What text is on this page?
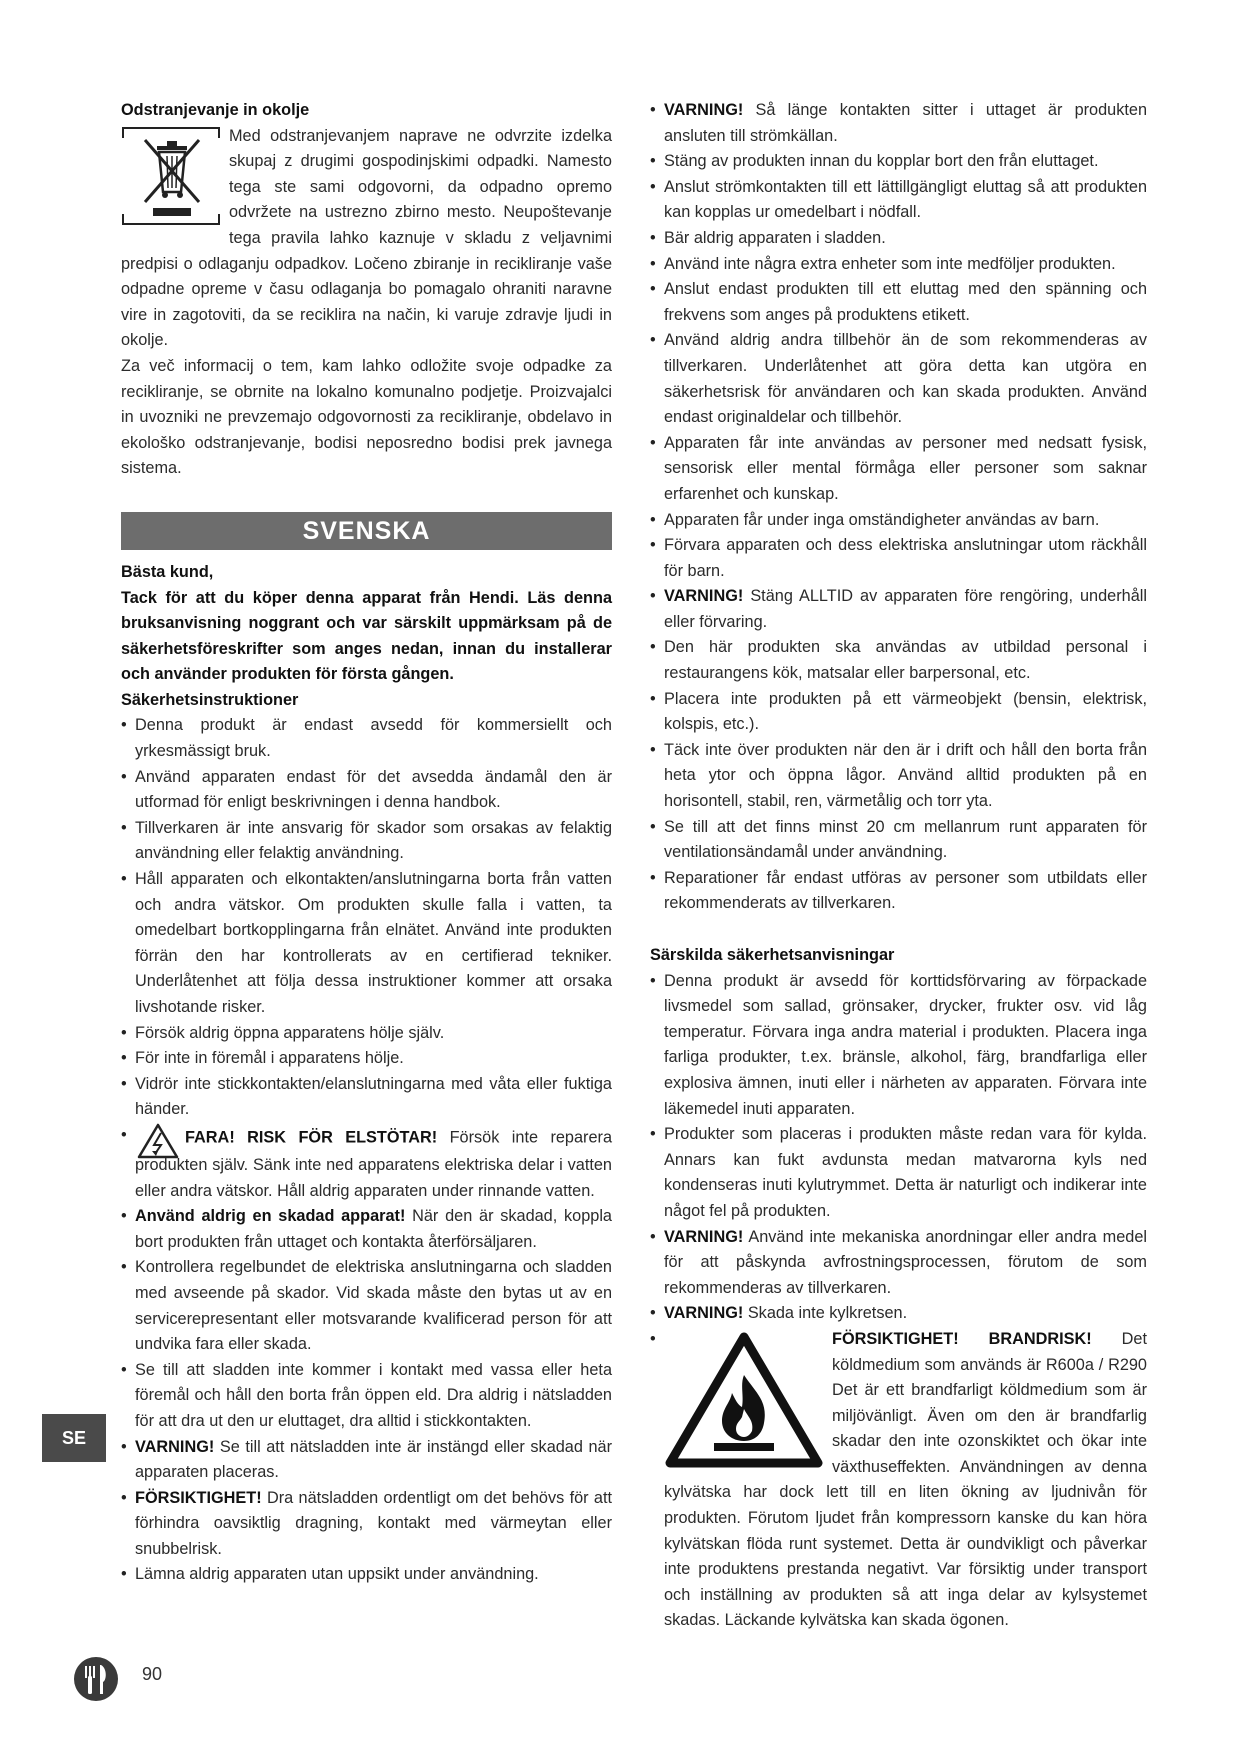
Odstranjevanje in okolje

Med odstranjevanjem naprave ne odvrzite izdelka skupaj z drugimi gospodinjskimi odpadki. Namesto tega ste sami odgovorni, da odpadno opremo odvržete na ustrezno zbirno mesto. Neupoštevanje tega pravila lahko kaznuje v skladu z veljavnimi predpisi o odlaganju odpadkov. Ločeno zbiranje in recikliranje vaše odpadne opreme v času odlaganja bo pomagalo ohraniti naravne vire in zagotoviti, da se reciklira na način, ki varuje zdravje ljudi in okolje.

Za več informacij o tem, kam lahko odložite svoje odpadke za recikliranje, se obrnite na lokalno komunalno podjetje. Proizvajalci in uvozniki ne prevzemajo odgovornosti za recikliranje, obdelavo in ekološko odstranjevanje, bodisi neposredno bodisi prek javnega sistema.

SVENSKA
Bästa kund,
Tack för att du köper denna apparat från Hendi. Läs denna bruksanvisning noggrant och var särskilt uppmärksam på de säkerhetsföreskrifter som anges nedan, innan du installerar och använder produkten för första gången.
Säkerhetsinstruktioner
• Denna produkt är endast avsedd för kommersiellt och yrkesmässigt bruk.
• Använd apparaten endast för det avsedda ändamål den är utformad för enligt beskrivningen i denna handbok.
• Tillverkaren är inte ansvarig för skador som orsakas av felaktig användning eller felaktig användning.
• Håll apparaten och elkontakten/anslutningarna borta från vatten och andra vätskor. Om produkten skulle falla i vatten, ta omedelbart bortkopplingarna från elnätet. Använd inte produkten förrän den har kontrollerats av en certifierad tekniker. Underlåtenhet att följa dessa instruktioner kommer att orsaka livshotande risker.
• Försök aldrig öppna apparatens hölje själv.
• För inte in föremål i apparatens hölje.
• Vidrör inte stickkontakten/elanslutningarna med våta eller fuktiga händer.
• FARA! RISK FÖR ELSTÖTAR! Försök inte reparera produkten själv. Sänk inte ned apparatens elektriska delar i vatten eller andra vätskor. Håll aldrig apparaten under rinnande vatten.
• Använd aldrig en skadad apparat! När den är skadad, koppla bort produkten från uttaget och kontakta återförsäljaren.
• Kontrollera regelbundet de elektriska anslutningarna och sladden med avseende på skador. Vid skada måste den bytas ut av en servicerepresentant eller motsvarande kvalificerad person för att undvika fara eller skada.
• Se till att sladden inte kommer i kontakt med vassa eller heta föremål och håll den borta från öppen eld. Dra aldrig i nätsladden för att dra ut den ur eluttaget, dra alltid i stickkontakten.
• VARNING! Se till att nätsladden inte är instängd eller skadad när apparaten placeras.
• FÖRSIKTIGHET! Dra nätsladden ordentligt om det behövs för att förhindra oavsiktlig dragning, kontakt med värmeytan eller snubbelrisk.
• Lämna aldrig apparaten utan uppsikt under användning.
• VARNING! Så länge kontakten sitter i uttaget är produkten ansluten till strömkällan.
• Stäng av produkten innan du kopplar bort den från eluttaget.
• Anslut strömkontakten till ett lättillgängligt eluttag så att produkten kan kopplas ur omedelbart i nödfall.
• Bär aldrig apparaten i sladden.
• Använd inte några extra enheter som inte medföljer produkten.
• Anslut endast produkten till ett eluttag med den spänning och frekvens som anges på produktens etikett.
• Använd aldrig andra tillbehör än de som rekommenderas av tillverkaren. Underlåtenhet att göra detta kan utgöra en säkerhetsrisk för användaren och kan skada produkten. Använd endast originaldelar och tillbehör.
• Apparaten får inte användas av personer med nedsatt fysisk, sensorisk eller mental förmåga eller personer som saknar erfarenhet och kunskap.
• Apparaten får under inga omständigheter användas av barn.
• Förvara apparaten och dess elektriska anslutningar utom räckhåll för barn.
• VARNING! Stäng ALLTID av apparaten före rengöring, underhåll eller förvaring.
• Den här produkten ska användas av utbildad personal i restaurangens kök, matsalar eller barpersonal, etc.
• Placera inte produkten på ett värmeobjekt (bensin, elektrisk, kolspis, etc.).
• Täck inte över produkten när den är i drift och håll den borta från heta ytor och öppna lågor. Använd alltid produkten på en horisontell, stabil, ren, värmetålig och torr yta.
• Se till att det finns minst 20 cm mellanrum runt apparaten för ventilationsändamål under användning.
• Reparationer får endast utföras av personer som utbildats eller rekommenderats av tillverkaren.
Särskilda säkerhetsanvisningar
• Denna produkt är avsedd för korttidsförvaring av förpackade livsmedel som sallad, grönsaker, drycker, frukter osv. vid låg temperatur. Förvara inga andra material i produkten. Placera inga farliga produkter, t.ex. bränsle, alkohol, färg, brandfarliga eller explosiva ämnen, inuti eller i närheten av apparaten. Förvara inte läkemedel inuti apparaten.
• Produkter som placeras i produkten måste redan vara för kylda. Annars kan fukt avdunsta medan matvarorna kyls ned kondenseras inuti kylutrymmet. Detta är naturligt och indikerar inte något fel på produkten.
• VARNING! Använd inte mekaniska anordningar eller andra medel för att påskynda avfrostningsprocessen, förutom de som rekommenderas av tillverkaren.
• VARNING! Skada inte kylkretsen.
• FÖRSIKTIGHET! BRANDRISK! Det köldmedium som används är R600a / R290 Det är ett brandfarligt köldmedium som är miljövänligt. Även om den är brandfarlig skadar den inte ozonskiktet och ökar inte växthuseffekten. Användningen av denna kylvätska har dock lett till en liten ökning av ljudnivån för produkten. Förutom ljudet från kompressorn kanske du kan höra kylvätskan flöda runt systemet. Detta är oundvikligt och påverkar inte produktens prestanda negativt. Var försiktig under transport och inställning av produkten så att inga delar av kylsystemet skadas. Läckande kylvätska kan skada ögonen.
SE
90
